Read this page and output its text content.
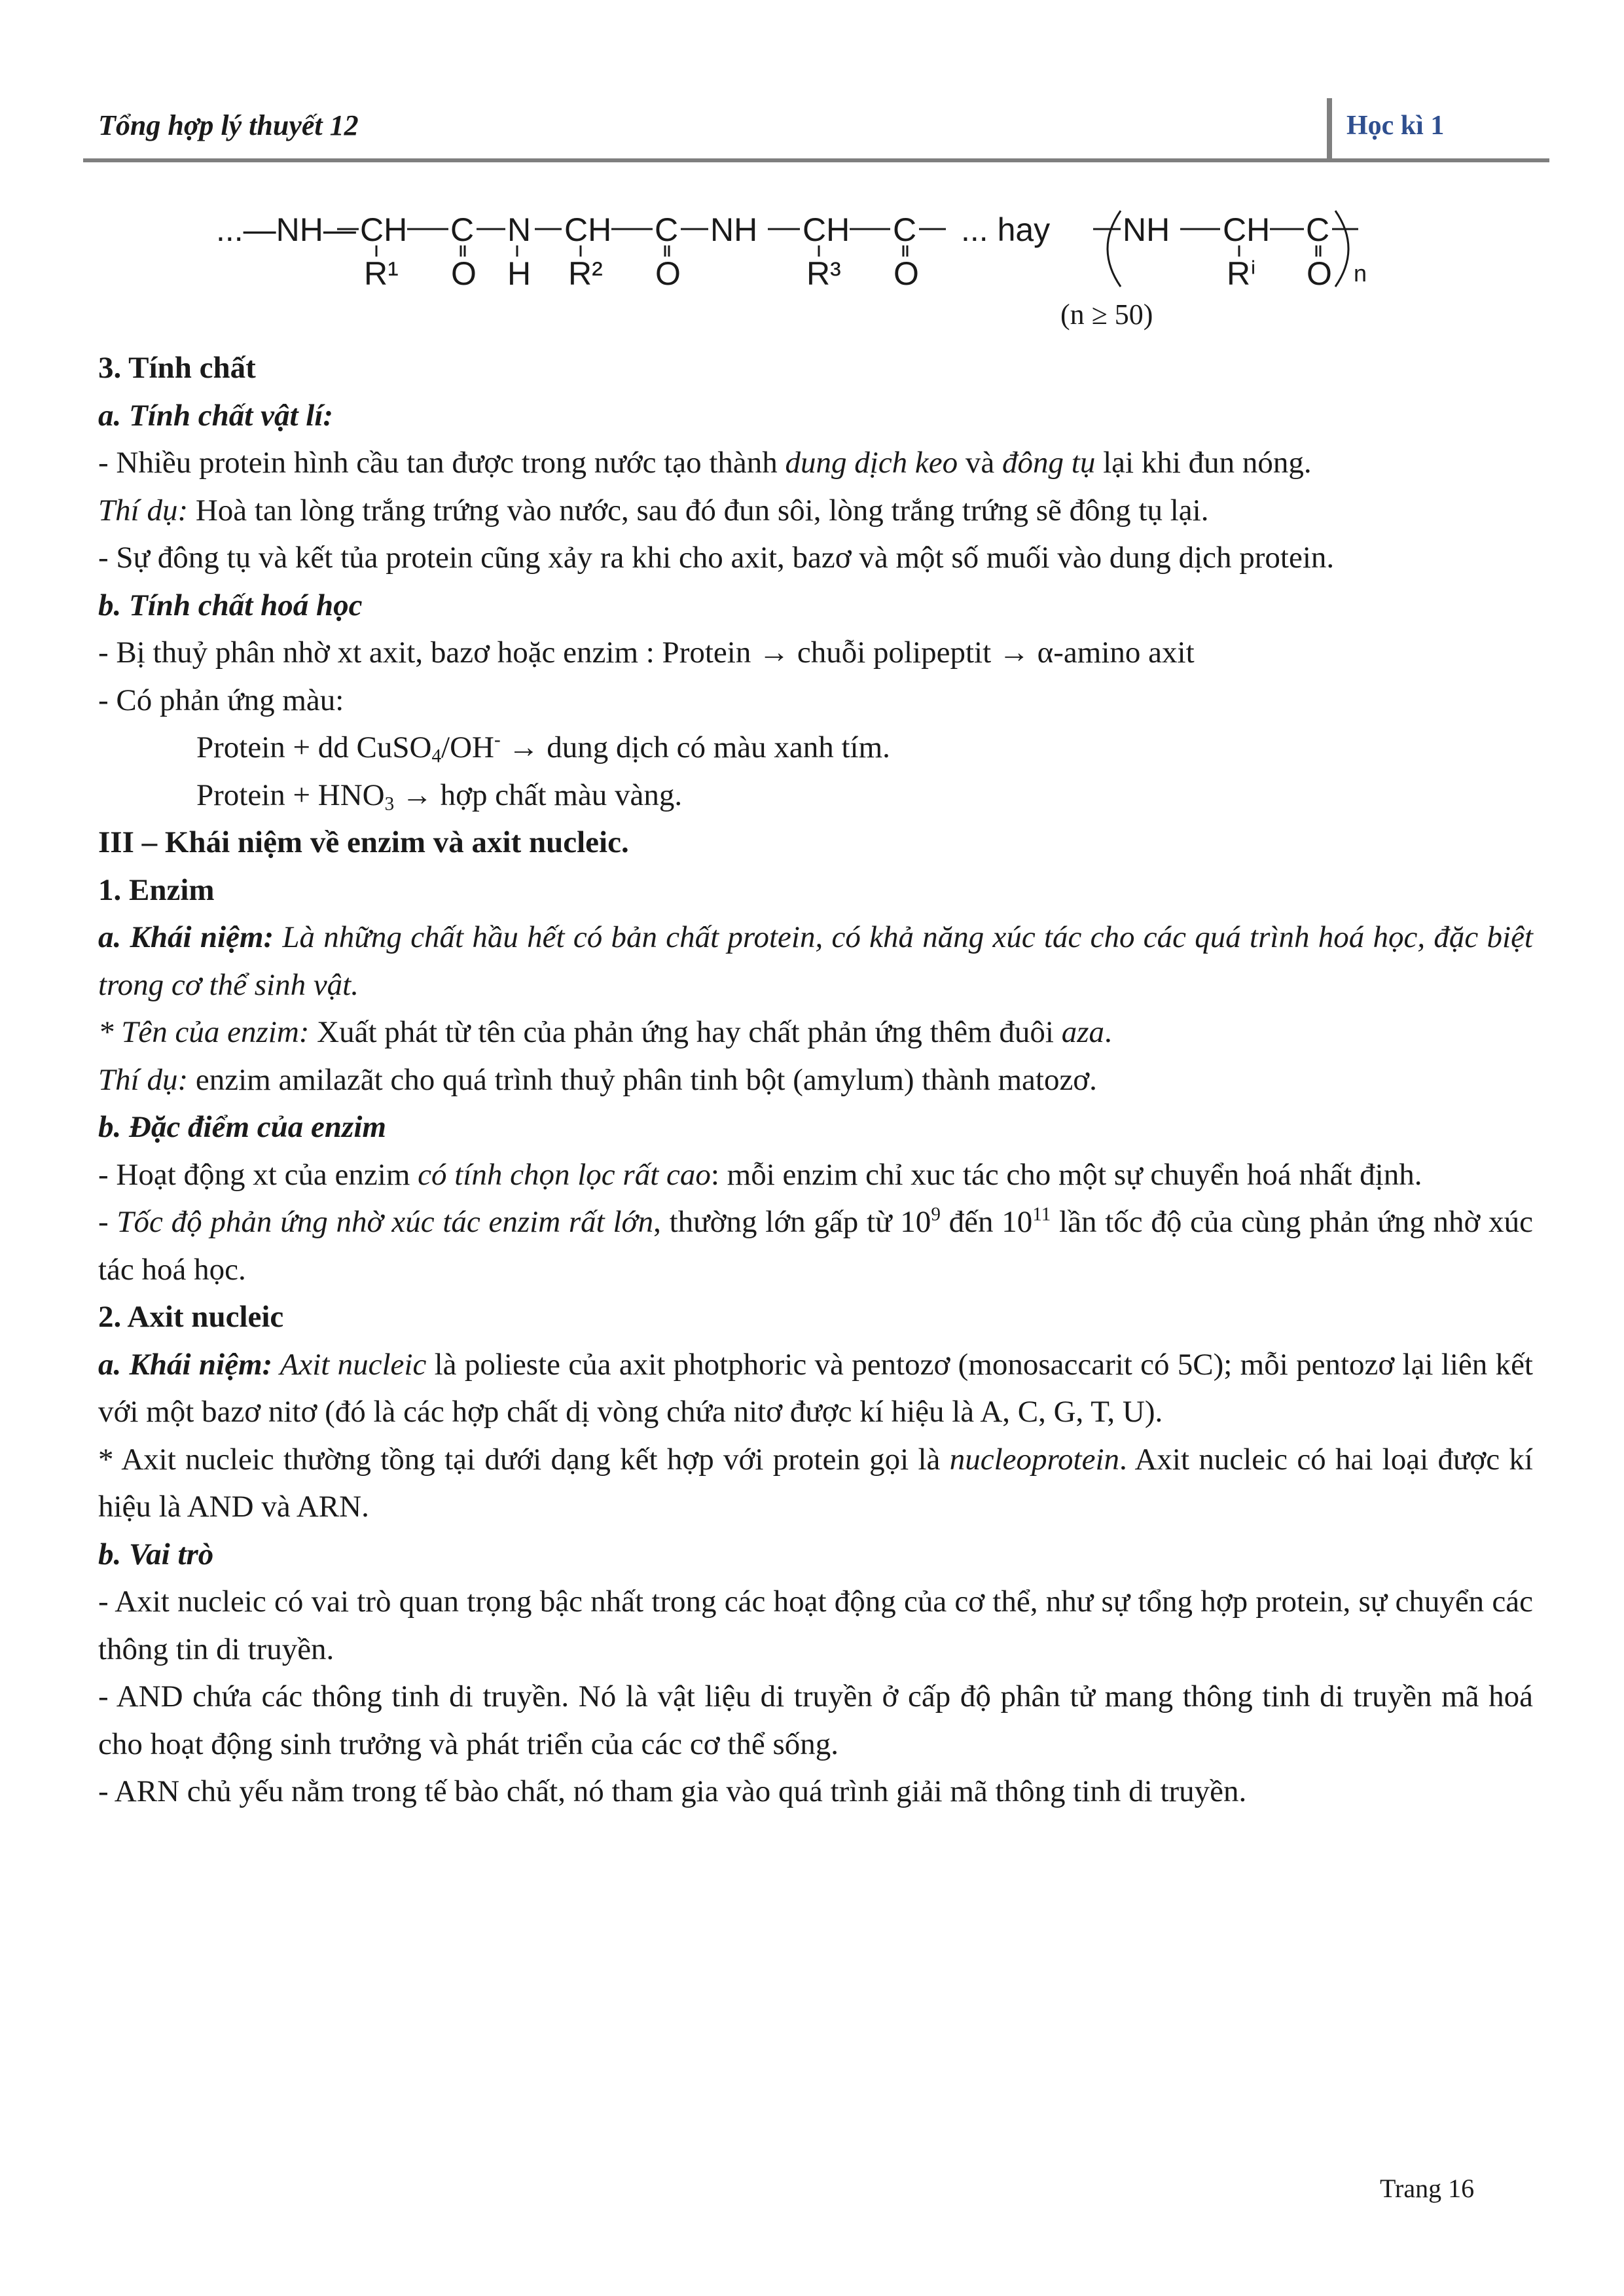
Tổng hợp lý thuyết 12	Học kì 1
...—NH— CH C N CH C NH CH C ... hay NH CH C
R¹ O H R² O	R³ O	Rⁱ O n
(n ≥ 50)

3. Tính chất

a. Tính chất vật lí:

- Nhiều protein hình cầu tan được trong nước tạo thành dung dịch keo và đông tụ lại khi đun nóng.

Thí dụ: Hoà tan lòng trắng trứng vào nước, sau đó đun sôi, lòng trắng trứng sẽ đông tụ lại.

- Sự đông tụ và kết tủa protein cũng xảy ra khi cho axit, bazơ và một số muối vào dung dịch protein.

b. Tính chất hoá học

- Bị thuỷ phân nhờ xt axit, bazơ hoặc enzim : Protein → chuỗi polipeptit → α-amino axit

- Có phản ứng màu:

Protein + dd CuSO$_4$/OH- → dung dịch có màu xanh tím.

Protein + $HNO_3$ → hợp chất màu vàng.

III – Khái niệm về enzim và axit nucleic.

1. Enzim

a. Khái niệm: Là những chất hầu hết có bản chất protein, có khả năng xúc tác cho các quá trình hoá học, đặc biệt trong cơ thể sinh vật.

* Tên của enzim: Xuất phát từ tên của phản ứng hay chất phản ứng thêm đuôi aza.

Thí dụ: enzim amilazãt cho quá trình thuỷ phân tinh bột (amylum) thành matozơ.

b. Đặc điểm của enzim

- Hoạt động xt của enzim có tính chọn lọc rất cao: mỗi enzim chỉ xuc tác cho một sự chuyển hoá nhất định.

- Tốc độ phản ứng nhờ xúc tác enzim rất lớn, thường lớn gấp từ $10^9$ đến $10^{11}$ lần tốc độ của cùng phản ứng nhờ xúc tác hoá học.

2. Axit nucleic

a. Khái niệm: Axit nucleic là polieste của axit photphoric và pentozơ (monosaccarit có 5C); mỗi pentozơ lại liên kết với một bazơ nitơ (đó là các hợp chất dị vòng chứa nitơ được kí hiệu là A, C, G, T, U).

* Axit nucleic thường tồng tại dưới dạng kết hợp với protein gọi là nucleoprotein. Axit nucleic có hai loại được kí hiệu là AND và ARN.

b. Vai trò

- Axit nucleic có vai trò quan trọng bậc nhất trong các hoạt động của cơ thể, như sự tổng hợp protein, sự chuyển các thông tin di truyền.

- AND chứa các thông tinh di truyền. Nó là vật liệu di truyền ở cấp độ phân tử mang thông tinh di truyền mã hoá cho hoạt động sinh trưởng và phát triển của các cơ thể sống.

- ARN chủ yếu nằm trong tế bào chất, nó tham gia vào quá trình giải mã thông tinh di truyền.

Trang 16
